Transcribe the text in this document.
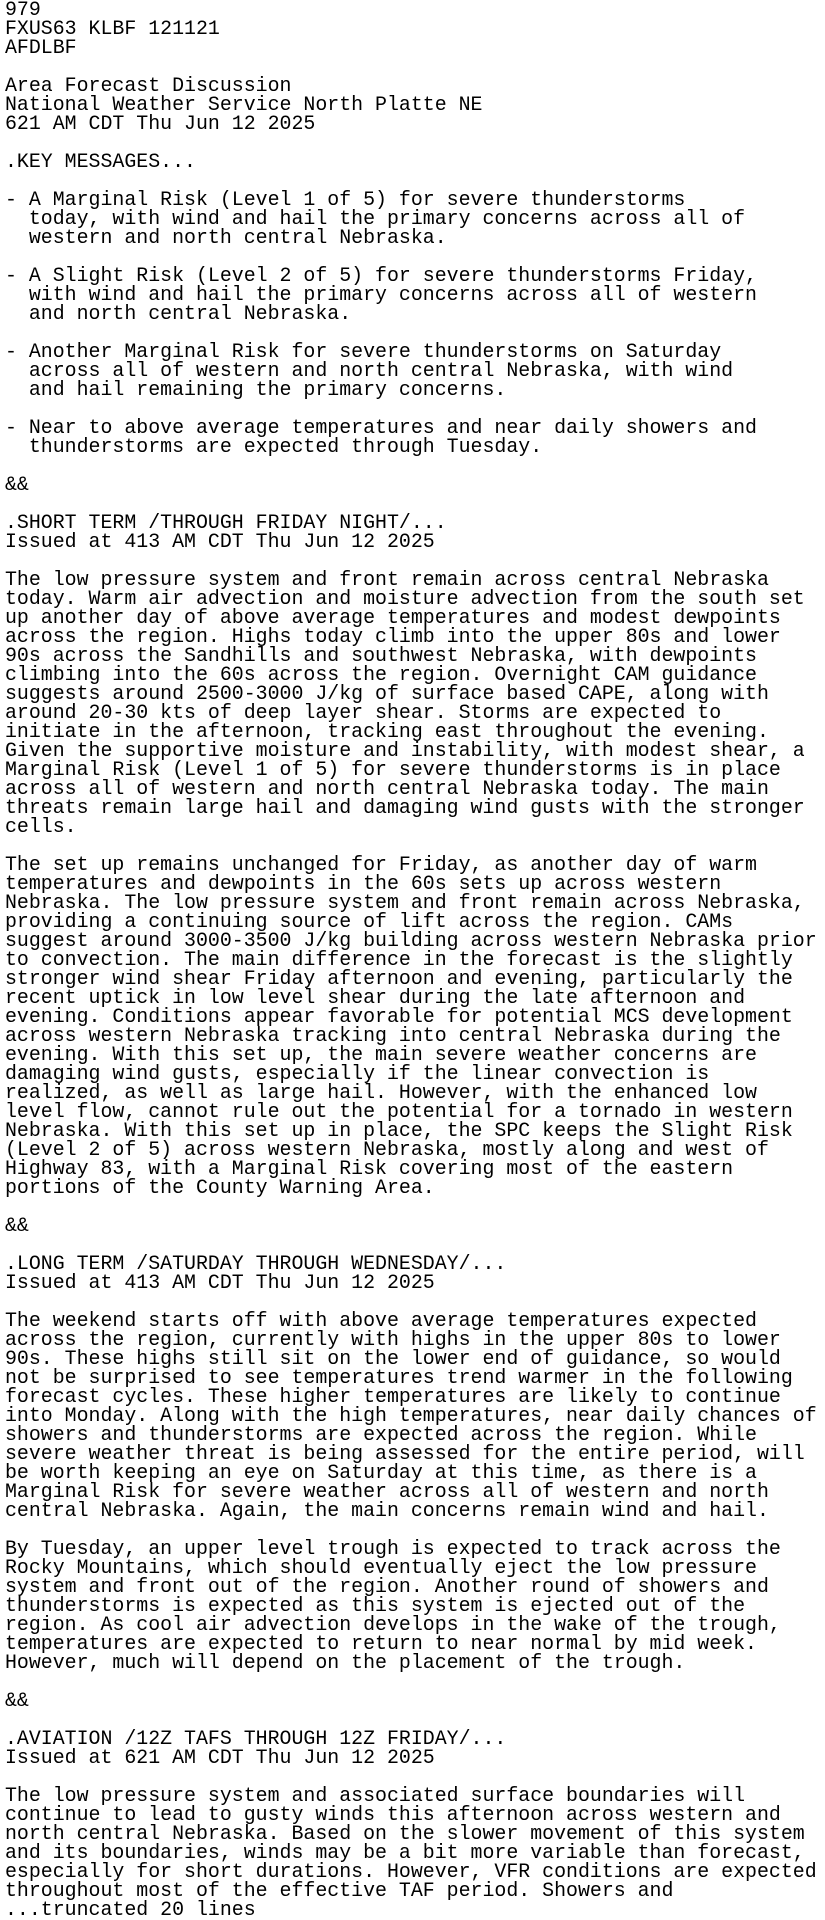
979
FXUS63 KLBF 121121
AFDLBF

Area Forecast Discussion
National Weather Service North Platte NE
621 AM CDT Thu Jun 12 2025

.KEY MESSAGES...

- A Marginal Risk (Level 1 of 5) for severe thunderstorms
today, with wind and hail the primary concerns across all of
western and north central Nebraska.

- A Slight Risk (Level 2 of 5) for severe thunderstorms Friday,
with wind and hail the primary concerns across all of western
and north central Nebraska.

- Another Marginal Risk for severe thunderstorms on Saturday
across all of western and north central Nebraska, with wind
and hail remaining the primary concerns.

- Near to above average temperatures and near daily showers and
thunderstorms are expected through Tuesday.

&&

.SHORT TERM /THROUGH FRIDAY NIGHT/...
Issued at 413 AM CDT Thu Jun 12 2025

The low pressure system and front remain across central Nebraska
today. Warm air advection and moisture advection from the south set
up another day of above average temperatures and modest dewpoints
across the region. Highs today climb into the upper 80s and lower
90s across the Sandhills and southwest Nebraska, with dewpoints
climbing into the 60s across the region. Overnight CAM guidance
suggests around 2500-3000 J/kg of surface based CAPE, along with
around 20-30 kts of deep layer shear. Storms are expected to
initiate in the afternoon, tracking east throughout the evening.
Given the supportive moisture and instability, with modest shear, a
Marginal Risk (Level 1 of 5) for severe thunderstorms is in place
across all of western and north central Nebraska today. The main
threats remain large hail and damaging wind gusts with the stronger
cells.

The set up remains unchanged for Friday, as another day of warm
temperatures and dewpoints in the 60s sets up across western
Nebraska. The low pressure system and front remain across Nebraska,
providing a continuing source of lift across the region. CAMs
suggest around 3000-3500 J/kg building across western Nebraska prior
to convection. The main difference in the forecast is the slightly
stronger wind shear Friday afternoon and evening, particularly the
recent uptick in low level shear during the late afternoon and
evening. Conditions appear favorable for potential MCS development
across western Nebraska tracking into central Nebraska during the
evening. With this set up, the main severe weather concerns are
damaging wind gusts, especially if the linear convection is
realized, as well as large hail. However, with the enhanced low
level flow, cannot rule out the potential for a tornado in western
Nebraska. With this set up in place, the SPC keeps the Slight Risk
(Level 2 of 5) across western Nebraska, mostly along and west of
Highway 83, with a Marginal Risk covering most of the eastern
portions of the County Warning Area.

&&

.LONG TERM /SATURDAY THROUGH WEDNESDAY/...
Issued at 413 AM CDT Thu Jun 12 2025

The weekend starts off with above average temperatures expected
across the region, currently with highs in the upper 80s to lower
90s. These highs still sit on the lower end of guidance, so would
not be surprised to see temperatures trend warmer in the following
forecast cycles. These higher temperatures are likely to continue
into Monday. Along with the high temperatures, near daily chances of
showers and thunderstorms are expected across the region. While
severe weather threat is being assessed for the entire period, will
be worth keeping an eye on Saturday at this time, as there is a
Marginal Risk for severe weather across all of western and north
central Nebraska. Again, the main concerns remain wind and hail.

By Tuesday, an upper level trough is expected to track across the
Rocky Mountains, which should eventually eject the low pressure
system and front out of the region. Another round of showers and
thunderstorms is expected as this system is ejected out of the
region. As cool air advection develops in the wake of the trough,
temperatures are expected to return to near normal by mid week.
However, much will depend on the placement of the trough.

&&

.AVIATION /12Z TAFS THROUGH 12Z FRIDAY/...
Issued at 621 AM CDT Thu Jun 12 2025

The low pressure system and associated surface boundaries will
continue to lead to gusty winds this afternoon across western and
north central Nebraska. Based on the slower movement of this system
and its boundaries, winds may be a bit more variable than forecast,
especially for short durations. However, VFR conditions are expected
throughout most of the effective TAF period. Showers and
...truncated 20 lines
